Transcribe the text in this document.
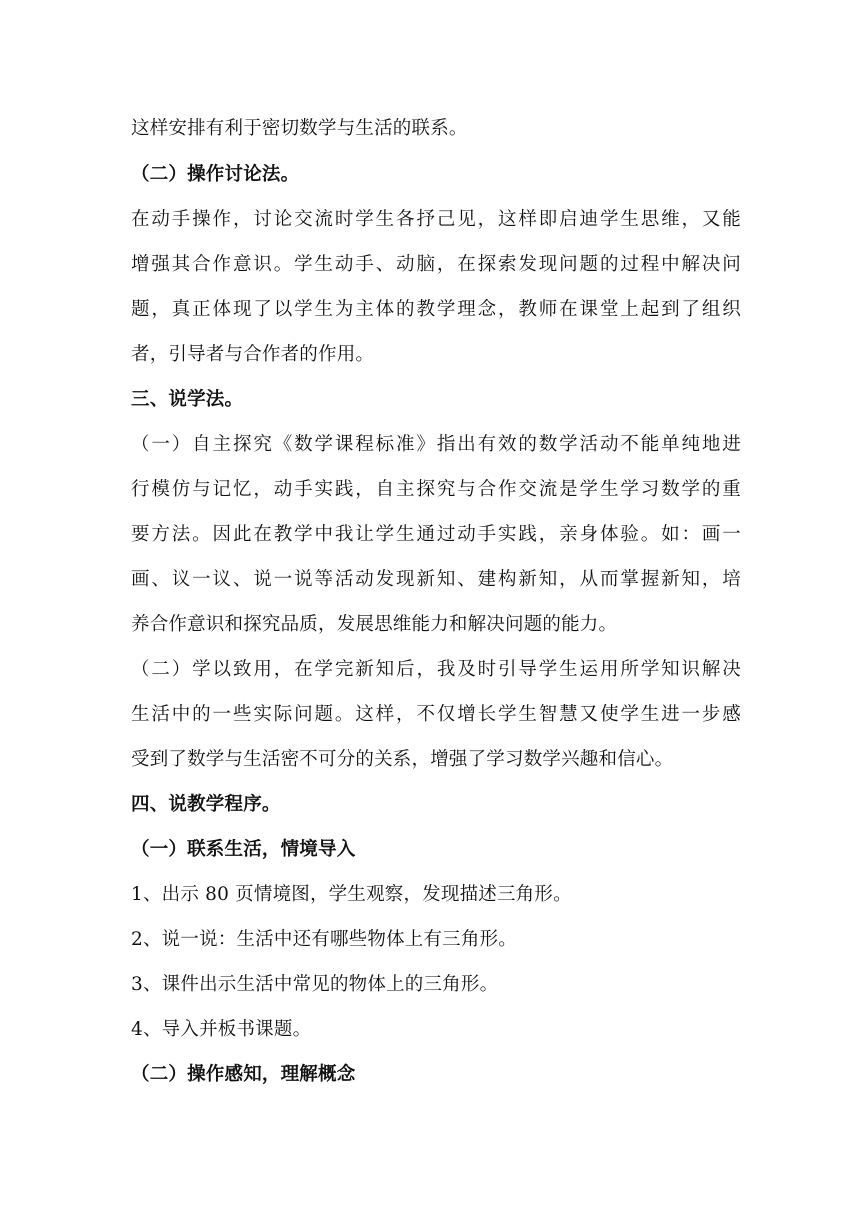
这样安排有利于密切数学与生活的联系。
（二）操作讨论法。
在动手操作，讨论交流时学生各抒己见，这样即启迪学生思维，又能
增强其合作意识。学生动手、动脑，在探索发现问题的过程中解决问
题，真正体现了以学生为主体的教学理念，教师在课堂上起到了组织
者，引导者与合作者的作用。
三、说学法。
（一）自主探究《数学课程标准》指出有效的数学活动不能单纯地进
行模仿与记忆，动手实践，自主探究与合作交流是学生学习数学的重
要方法。因此在教学中我让学生通过动手实践，亲身体验。如：画一
画、议一议、说一说等活动发现新知、建构新知，从而掌握新知，培
养合作意识和探究品质，发展思维能力和解决问题的能力。
（二）学以致用，在学完新知后，我及时引导学生运用所学知识解决
生活中的一些实际问题。这样，不仅增长学生智慧又使学生进一步感
受到了数学与生活密不可分的关系，增强了学习数学兴趣和信心。
四、说教学程序。
（一）联系生活，情境导入
1、出示 80 页情境图，学生观察，发现描述三角形。
2、说一说：生活中还有哪些物体上有三角形。
3、课件出示生活中常见的物体上的三角形。
4、导入并板书课题。
（二）操作感知，理解概念
